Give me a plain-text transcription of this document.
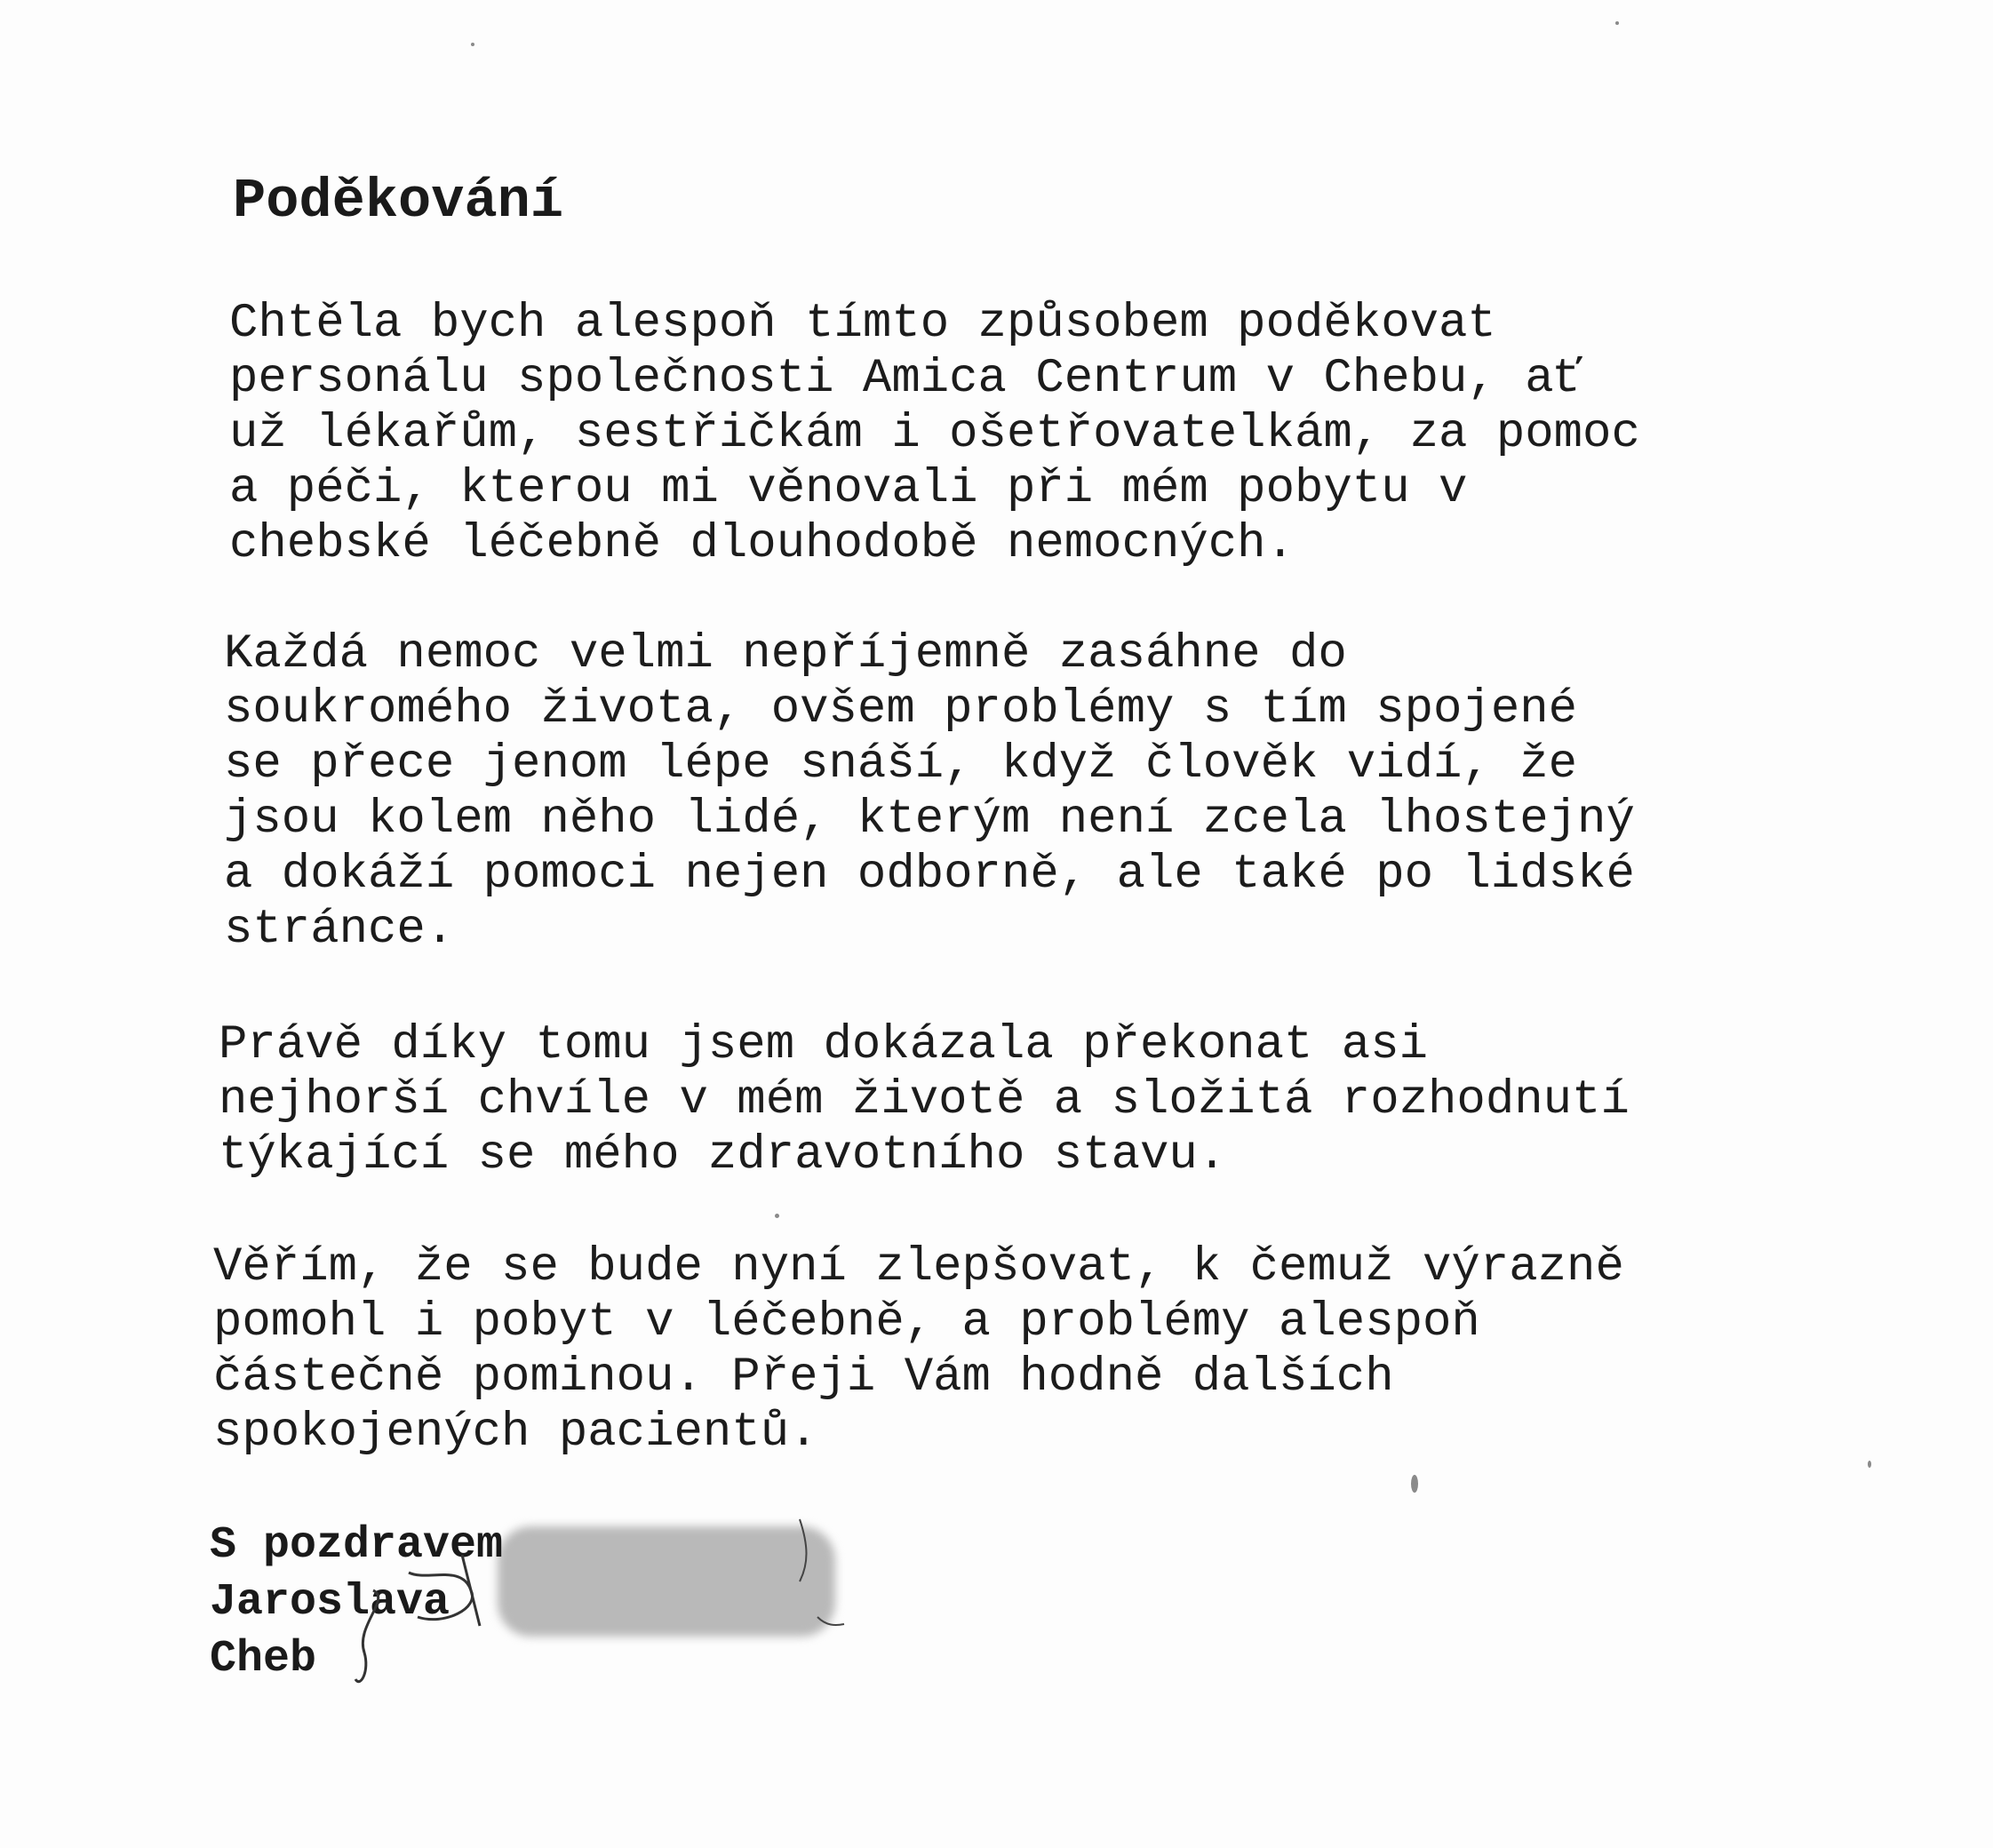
Poděkování
Chtěla bych alespoň tímto způsobem poděkovat
personálu společnosti Amica Centrum v Chebu, ať
už lékařům, sestřičkám i ošetřovatelkám, za pomoc
a péči, kterou mi věnovali při mém pobytu v
chebské léčebně dlouhodobě nemocných.
Každá nemoc velmi nepříjemně zasáhne do
soukromého života, ovšem problémy s tím spojené
se přece jenom lépe snáší, když člověk vidí, že
jsou kolem něho lidé, kterým není zcela lhostejný
a dokáží pomoci nejen odborně, ale také po lidské
stránce.
Právě díky tomu jsem dokázala překonat asi
nejhorší chvíle v mém životě a složitá rozhodnutí
týkající se mého zdravotního stavu.
Věřím, že se bude nyní zlepšovat, k čemuž výrazně
pomohl i pobyt v léčebně, a problémy alespoň
částečně pominou. Přeji Vám hodně dalších
spokojených pacientů.
S pozdravem
Jaroslava
Cheb
